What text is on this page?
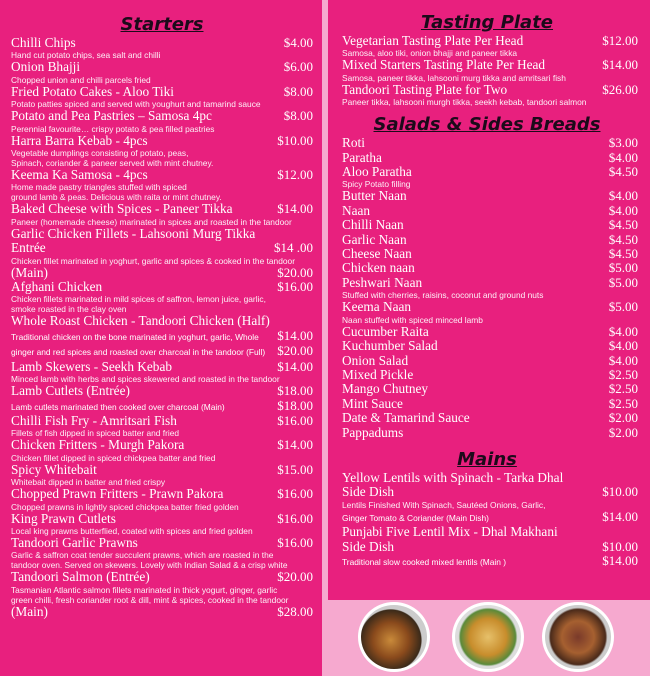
Starters
Chilli Chips	$4.00
Hand cut potato chips, sea salt and chilli
Onion Bhajji	$6.00
Chopped union and chilli parcels fried
Fried Potato Cakes - Aloo Tiki	$8.00
Potato patties spiced and served with youghurt and tamarind sauce
Potato and Pea Pastries – Samosa 4pc	$8.00
Perennial favourite… crispy potato & pea filled pastries
Harra Barra Kebab - 4pcs	$10.00
Vegetable dumplings consisting of potato, peas,
Spinach, coriander & paneer served with mint chutney.
Keema Ka Samosa - 4pcs	$12.00
Home made pastry triangles stuffed with spiced
ground lamb & peas. Delicious with raita or mint chutney.
Baked Cheese with Spices - Paneer Tikka	$14.00
Paneer (homemade cheese) marinated in spices and roasted in the tandoor
Garlic Chicken Fillets - Lahsooni Murg Tikka
Entrée	$14 .00
Chicken fillet marinated in yoghurt, garlic and spices & cooked in the tandoor
(Main)	$20.00
Afghani Chicken	$16.00
Chicken fillets marinated in mild spices of saffron, lemon juice, garlic,
smoke roasted in the clay oven
Whole Roast Chicken - Tandoori Chicken (Half)
Traditional chicken on the bone marinated in yoghurt, garlic, Whole $14.00
ginger and red spices and roasted over charcoal in the tandoor (Full) $20.00
Lamb Skewers - Seekh Kebab	$14.00
Minced lamb with herbs and spices skewered and roasted in the tandoor
Lamb Cutlets (Entrée)	$18.00
Lamb cutlets marinated then cooked over charcoal (Main)	$18.00
Chilli Fish Fry - Amritsari Fish	$16.00
Fillets of fish dipped in spiced batter and fried
Chicken Fritters - Murgh Pakora	$14.00
Chicken fillet dipped in spiced chickpea batter and fried
Spicy Whitebait	$15.00
Whitebait dipped in batter and fried crispy
Chopped Prawn Fritters - Prawn Pakora	$16.00
Chopped prawns in lightly spiced chickpea batter fried golden
King Prawn Cutlets	$16.00
Local king prawns butterflied, coated with spices and fried golden
Tandoori Garlic Prawns	$16.00
Garlic & saffron coat tender succulent prawns, which are roasted in the
tandoor oven. Served on skewers. Lovely with Indian Salad & a crisp white
Tandoori Salmon (Entrée)	$20.00
Tasmanian Atlantic salmon fillets marinated in thick yogurt, ginger, garlic
green chilli, fresh coriander root & dill, mint & spices, cooked in the tandoor
(Main)	$28.00
Tasting Plate
Vegetarian Tasting Plate Per Head	$12.00
Samosa, aloo tiki, onion bhajji and paneer tikka
Mixed Starters Tasting Plate Per Head	$14.00
Samosa, paneer tikka, lahsooni murg tikka and amritsari fish
Tandoori Tasting Plate for Two	$26.00
Paneer tikka, lahsooni murgh tikka, seekh kebab, tandoori salmon
Salads & Sides Breads
Roti	$3.00
Paratha	$4.00
Aloo Paratha	$4.50
Spicy Potato filling
Butter Naan	$4.00
Naan	$4.00
Chilli Naan	$4.50
Garlic Naan	$4.50
Cheese Naan	$4.50
Chicken naan	$5.00
Peshwari Naan	$5.00
Stuffed with cherries, raisins, coconut and ground nuts
Keema Naan	$5.00
Naan stuffed with spiced minced lamb
Cucumber Raita	$4.00
Kuchumber Salad	$4.00
Onion Salad	$4.00
Mixed Pickle	$2.50
Mango Chutney	$2.50
Mint Sauce	$2.50
Date & Tamarind Sauce	$2.00
Pappadums	$2.00
Mains
Yellow Lentils with Spinach - Tarka Dhal
Side Dish	$10.00
Lentils Finished With Spinach, Sautéed Onions, Garlic,
Ginger Tomato & Coriander (Main Dish)	$14.00
Punjabi Five Lentil Mix - Dhal Makhani
Side Dish	$10.00
Traditional slow cooked mixed lentils (Main )	$14.00
